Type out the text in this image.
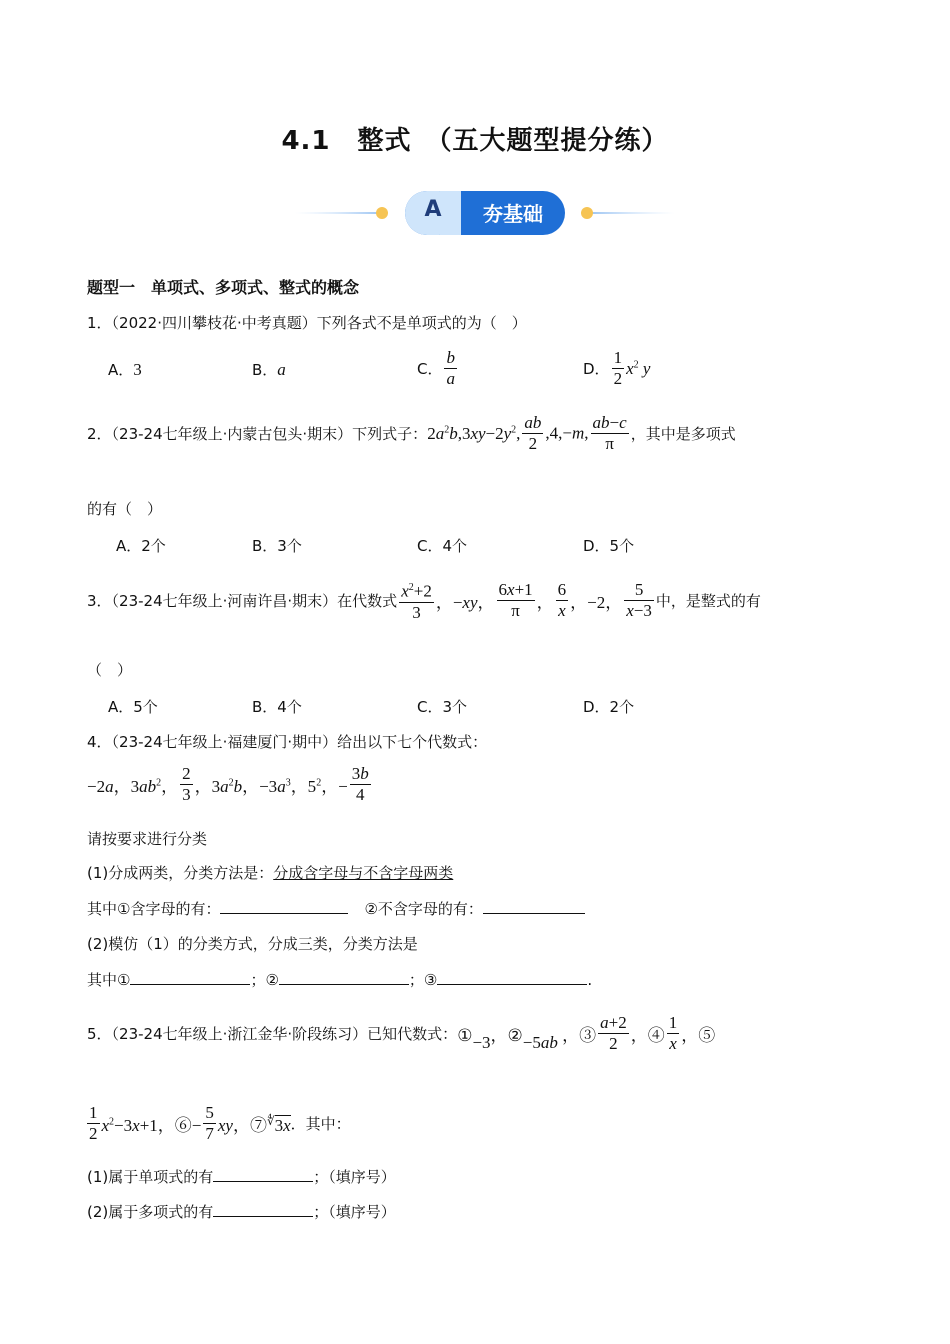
4.1　整式　（五大题型提分练）
A	夯基础
题型一　单项式、多项式、整式的概念
1．（2022·四川攀枝花·中考真题）下列各式不是单项式的为（　）
A．3	B．a	C． $\frac{b}{a}$	D． $\frac{1}{2} x^2$ y
2．（23-24七年级上·内蒙古包头·期末）下列式子：$2a^2b,3xy-2y^2$, $\frac{ab}{2} ,4,-m$, $\frac{ab-c}{\pi}$ ，其中是多项式
的有（　）
A．2个	B．3个	C．4个	D．5个
3．（23-24七年级上·河南许昌·期末）在代数式 $\frac{x^2+2}{3}$ ，−xy， $\frac{6x+1}{\pi}$ ， $\frac{6}{x}$ ，−2， $\frac{5}{x-3}$ 中，是整式的有
（　）
A．5个	B．4个	C．3个	D．2个
4．（23-24七年级上·福建厦门·期中）给出以下七个代数式：
−2a，$3ab^2$， $\frac{2}{3}$ ，$3a^2b$，$-3a^3$，$5^2$，− $\frac{3b}{4}$
请按要求进行分类
(1)分成两类，分类方法是：分成含字母与不含字母两类
其中①含字母的有：	②不含字母的有：
(2)模仿（1）的分类方式，分成三类，分类方法是
其中①	；②	；③	.
5．（23-24七年级上·浙江金华·阶段练习）已知代数式：①−3，②−5ab ，③ $\frac{a+2}{2}$ ，④ $\frac{1}{x}$ ，⑤
$\frac{1}{2} x^2-3x+1$，⑥− $\frac{5}{7}$ xy，⑦∜3x．其中：
(1)属于单项式的有	；（填序号）
(2)属于多项式的有	；（填序号）
